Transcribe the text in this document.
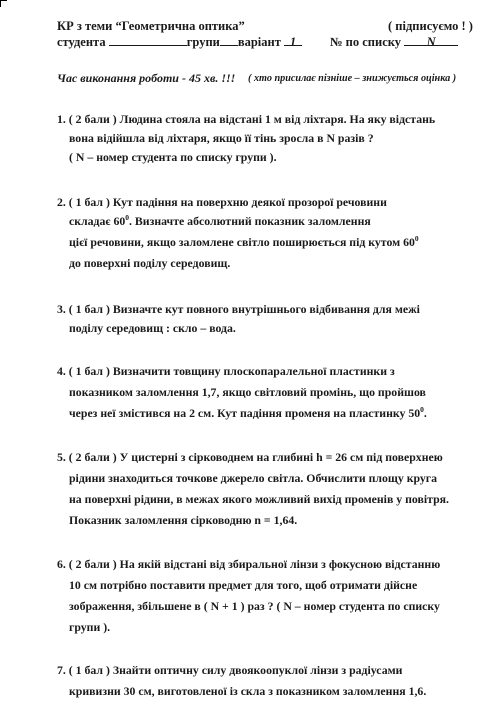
КР з теми “Геометрична оптика”	( підписуємо ! )
студента	групи варіант 1	№ по списку N
Час виконання роботи - 45 хв. !!! ( хто присилає пізніше – знижується оцінка )
1. ( 2 бали ) Людина стояла на відстані 1 м від ліхтаря. На яку відстань
вона відійшла від ліхтаря, якщо її тінь зросла в N разів ?
( N – номер студента по списку групи ).
2. ( 1 бал ) Кут падіння на поверхню деякої прозорої речовини
складає $60^0$. Визначте абсолютний показник заломлення
цієї речовини, якщо заломлене світло поширюється під кутом $60^0$
до поверхні поділу середовищ.
3. ( 1 бал ) Визначте кут повного внутрішнього відбивання для межі
поділу середовищ : скло – вода.
4. ( 1 бал ) Визначити товщину плоскопаралельної пластинки з
показником заломлення 1,7, якщо світловий промінь, що пройшов
через неї змістився на 2 см. Кут падіння променя на пластинку $50^0$.
5. ( 2 бали ) У цистерні з сірководнем на глибині h = 26 см під поверхнею
рідини знаходиться точкове джерело світла. Обчислити площу круга
на поверхні рідини, в межах якого можливий вихід променів у повітря.
Показник заломлення сірководню n = 1,64.
6. ( 2 бали ) На якій відстані від збиральної лінзи з фокусною відстанню
10 см потрібно поставити предмет для того, щоб отримати дійсне
зображення, збільшене в ( N + 1 ) раз ? ( N – номер студента по списку
групи ).
7. ( 1 бал ) Знайти оптичну силу двоякоопуклої лінзи з радіусами
кривизни 30 см, виготовленої із скла з показником заломлення 1,6.
